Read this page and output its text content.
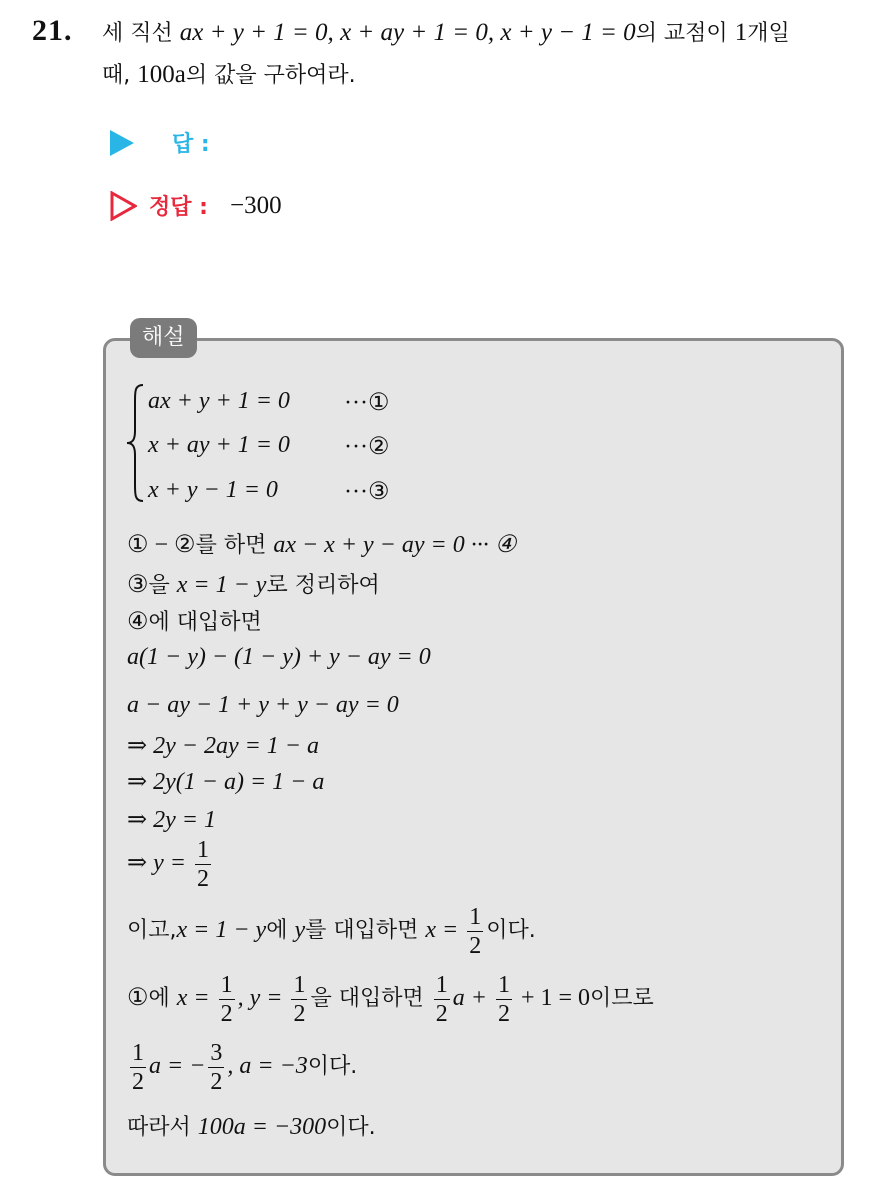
21. 세 직선 ax + y + 1 = 0, x + ay + 1 = 0, x + y − 1 = 0의 교점이 1개일
때, 100a의 값을 구하여라.
답 :
정답 : −300
해설
ax + y + 1 = 0 ···①
x + ay + 1 = 0 ···②
x + y − 1 = 0	···③
① − ②를 하면 ax − x + y − ay = 0 ··· ④
③을 x = 1 − y로 정리하여
④에 대입하면
a(1 − y) − (1 − y) + y − ay = 0
a − ay − 1 + y + y − ay = 0
⇒ 2y − 2ay = 1 − a
⇒ 2y(1 − a) = 1 − a
⇒ 2y = 1
⇒ $y = \frac{1}{2}$
이고,x = 1 − y에 y를 대입하면 $x = \frac{1}{2}$ 이다.
①에 $x = \frac{1}{2}$ , $y = \frac{1}{2}$ 을 대입하면 $\frac{1}{2}$ $a + \frac{1}{2} + 1 = 0$이므로
$\frac{1}{2}$ a = − $\frac{3}{2}$ , a = −3이다.
따라서 100a = −300이다.
